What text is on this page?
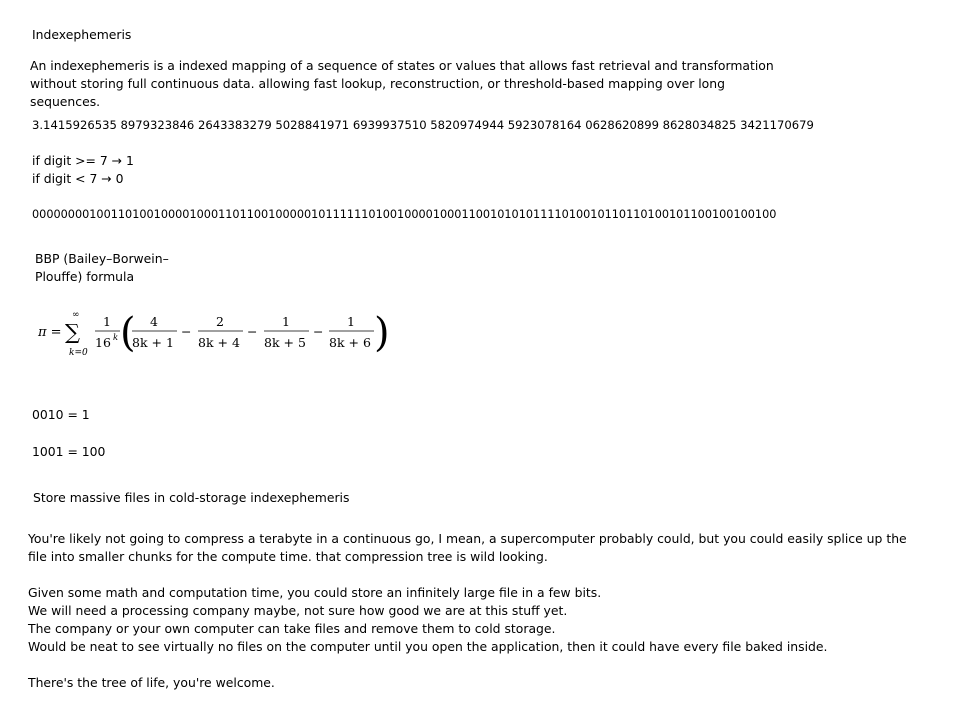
Indexephemeris
An indexephemeris is a indexed mapping of a sequence of states or values that allows fast retrieval and transformation without storing full continuous data. allowing fast lookup, reconstruction, or threshold-based mapping over long sequences.
3.1415926535 8979323846 2643383279 5028841971 6939937510 5820974944 5923078164 0628620899 8628034825 3421170679
if digit >= 7 → 1
if digit < 7 → 0
00000000100110100100001000110110010000010111111010010000100011001010101111010010110110100101100100100100
BBP (Bailey–Borwein–
Plouffe) formula
π =
∞
∑
k=0
1
16 k (	)
4
8k + 1
−
2
8k + 4
−
1
8k + 5
−
1
8k + 6
0010 = 1
1001 = 100
Store massive files in cold-storage indexephemeris
You're likely not going to compress a terabyte in a continuous go, I mean, a supercomputer probably could, but you could easily splice up the file into smaller chunks for the compute time. that compression tree is wild looking.
Given some math and computation time, you could store an infinitely large file in a few bits.
We will need a processing company maybe, not sure how good we are at this stuff yet.
The company or your own computer can take files and remove them to cold storage.
Would be neat to see virtually no files on the computer until you open the application, then it could have every file baked inside.
There's the tree of life, you're welcome.
